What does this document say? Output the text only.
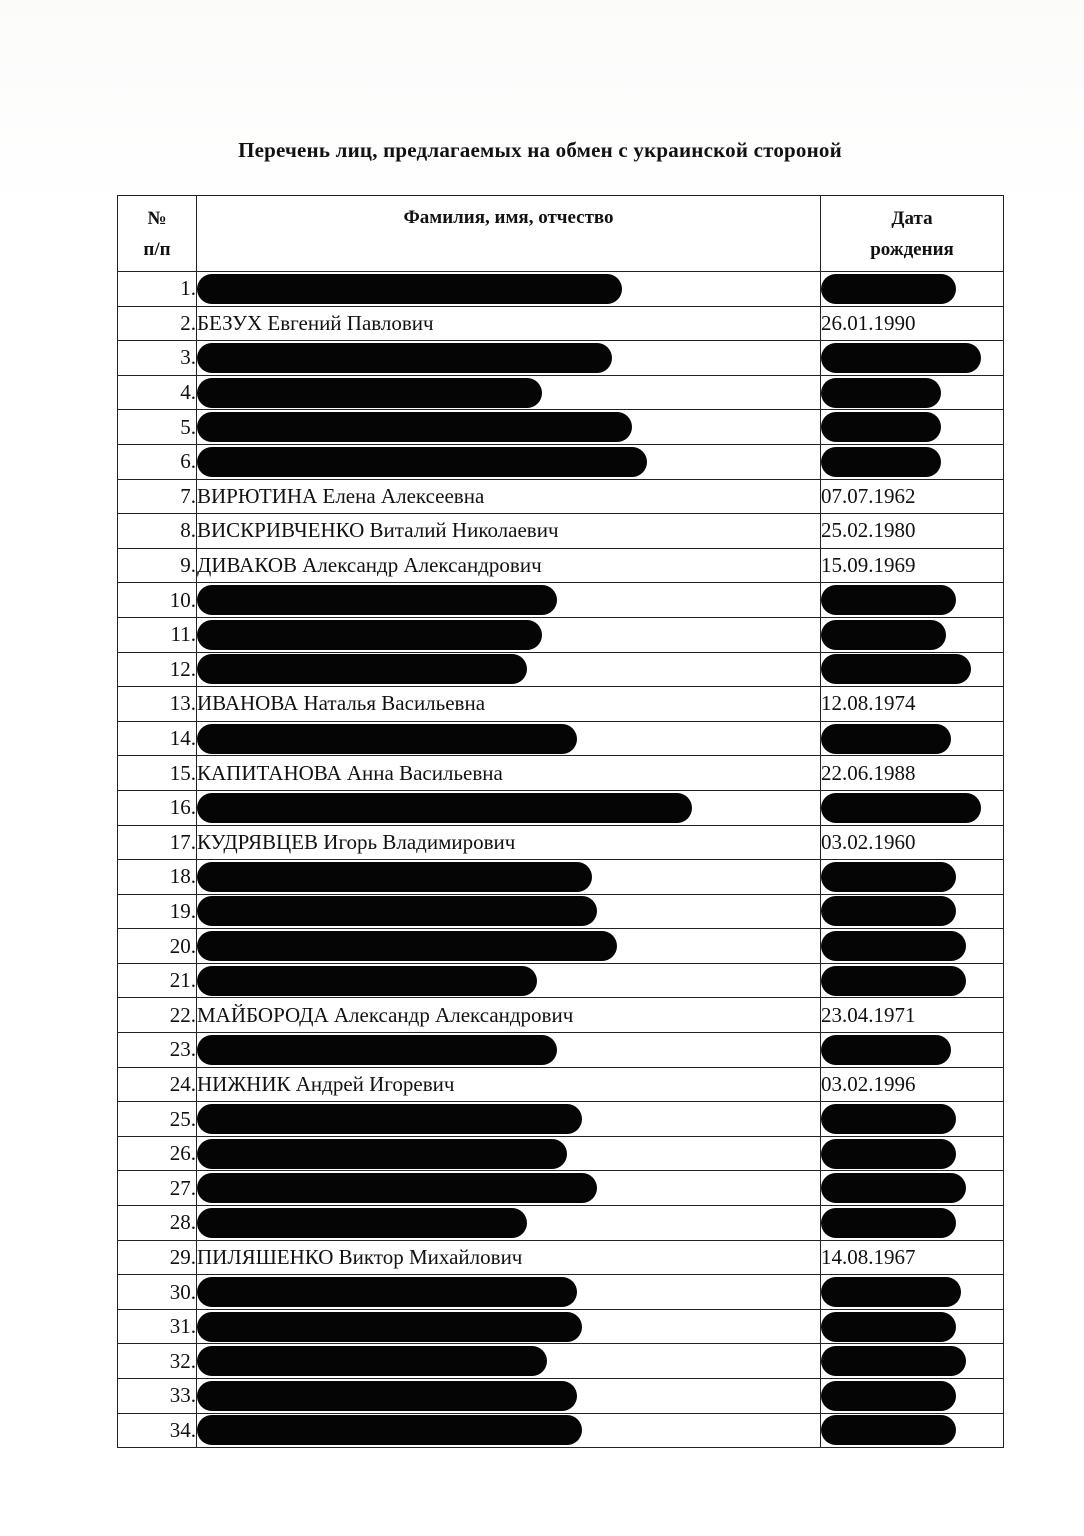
Перечень лиц, предлагаемых на обмен с украинской стороной
№ п/п	Фамилия, имя, отчество	Дата рождения
1.		
2.	БЕЗУХ Евгений Павлович	26.01.1990
3.		
4.		
5.		
6.		
7.	ВИРЮТИНА Елена Алексеевна	07.07.1962
8.	ВИСКРИВЧЕНКО Виталий Николаевич	25.02.1980
9.	ДИВАКОВ Александр Александрович	15.09.1969
10.		
11.		
12.		
13.	ИВАНОВА Наталья Васильевна	12.08.1974
14.		
15.	КАПИТАНОВА Анна Васильевна	22.06.1988
16.		
17.	КУДРЯВЦЕВ Игорь Владимирович	03.02.1960
18.		
19.		
20.		
21.		
22.	МАЙБОРОДА Александр Александрович	23.04.1971
23.		
24.	НИЖНИК Андрей Игоревич	03.02.1996
25.		
26.		
27.		
28.		
29.	ПИЛЯШЕНКО Виктор Михайлович	14.08.1967
30.		
31.		
32.		
33.		
34.		
